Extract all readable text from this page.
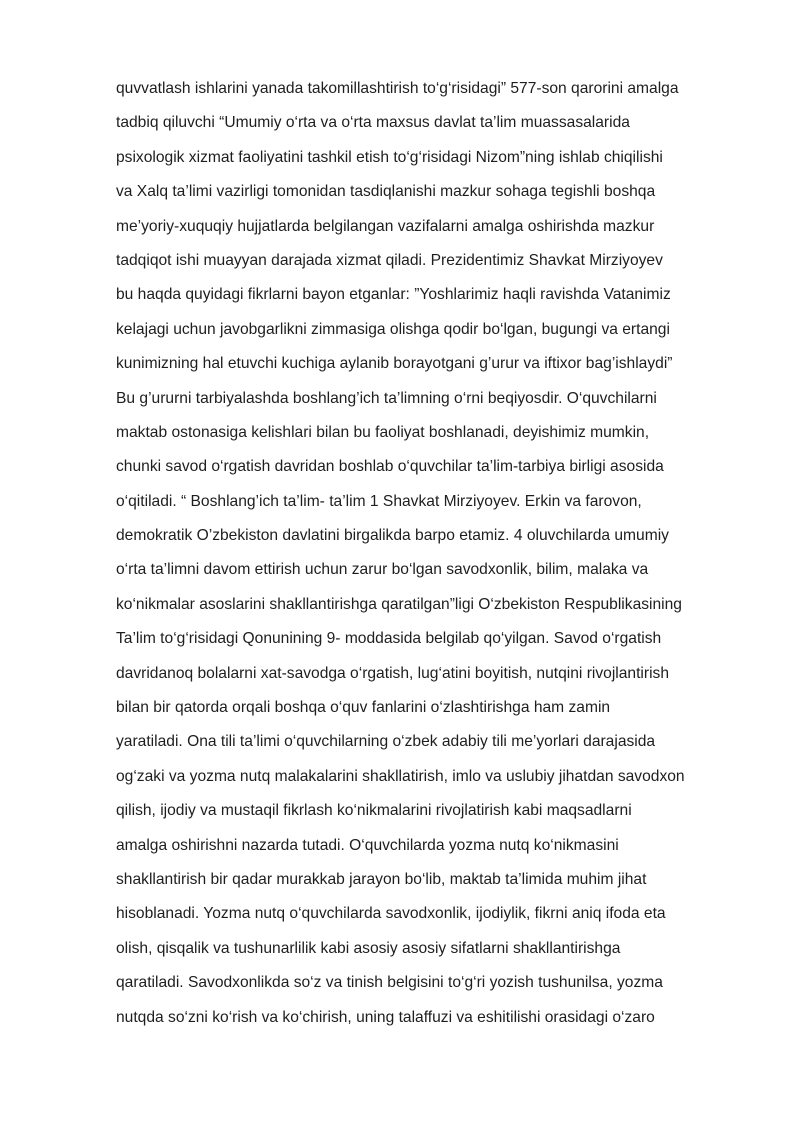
quvvatlash ishlarini yanada takomillashtirish to‘g‘risidagi” 577-son qarorini amalga
tadbiq qiluvchi “Umumiy o‘rta va o‘rta maxsus davlat ta’lim muassasalarida
psixologik xizmat faoliyatini tashkil etish to‘g‘risidagi Nizom”ning ishlab chiqilishi
va Xalq ta’limi vazirligi tomonidan tasdiqlanishi mazkur sohaga tegishli boshqa
me’yoriy-xuquqiy hujjatlarda belgilangan vazifalarni amalga oshirishda mazkur
tadqiqot ishi muayyan darajada xizmat qiladi. Prezidentimiz Shavkat Mirziyoyev
bu haqda quyidagi fikrlarni bayon etganlar: ”Yoshlarimiz haqli ravishda Vatanimiz
kelajagi uchun javobgarlikni zimmasiga olishga qodir bo‘lgan, bugungi va ertangi
kunimizning hal etuvchi kuchiga aylanib borayotgani g’urur va iftixor bag’ishlaydi”
Bu g’ururni tarbiyalashda boshlang’ich ta’limning o‘rni beqiyosdir. O‘quvchilarni
maktab ostonasiga kelishlari bilan bu faoliyat boshlanadi, deyishimiz mumkin,
chunki savod o‘rgatish davridan boshlab o‘quvchilar ta’lim-tarbiya birligi asosida
o‘qitiladi. “ Boshlang’ich ta’lim- ta’lim 1 Shavkat Mirziyoyev. Erkin va farovon,
demokratik O’zbekiston davlatini birgalikda barpo etamiz. 4 oluvchilarda umumiy
o‘rta ta’limni davom ettirish uchun zarur bo‘lgan savodxonlik, bilim, malaka va
ko‘nikmalar asoslarini shakllantirishga qaratilgan”ligi O‘zbekiston Respublikasining
Ta’lim to‘g‘risidagi Qonunining 9- moddasida belgilab qo‘yilgan. Savod o‘rgatish
davridanoq bolalarni xat-savodga o‘rgatish, lug‘atini boyitish, nutqini rivojlantirish
bilan bir qatorda orqali boshqa o‘quv fanlarini o‘zlashtirishga ham zamin
yaratiladi. Ona tili ta’limi o‘quvchilarning o‘zbek adabiy tili me’yorlari darajasida
og‘zaki va yozma nutq malakalarini shakllatirish, imlo va uslubiy jihatdan savodxon
qilish, ijodiy va mustaqil fikrlash ko‘nikmalarini rivojlatirish kabi maqsadlarni
amalga oshirishni nazarda tutadi. O‘quvchilarda yozma nutq ko‘nikmasini
shakllantirish bir qadar murakkab jarayon bo‘lib, maktab ta’limida muhim jihat
hisoblanadi. Yozma nutq o‘quvchilarda savodxonlik, ijodiylik, fikrni aniq ifoda eta
olish, qisqalik va tushunarlilik kabi asosiy asosiy sifatlarni shakllantirishga
qaratiladi. Savodxonlikda so‘z va tinish belgisini to‘g‘ri yozish tushunilsa, yozma
nutqda so‘zni ko‘rish va ko‘chirish, uning talaffuzi va eshitilishi orasidagi o‘zaro
